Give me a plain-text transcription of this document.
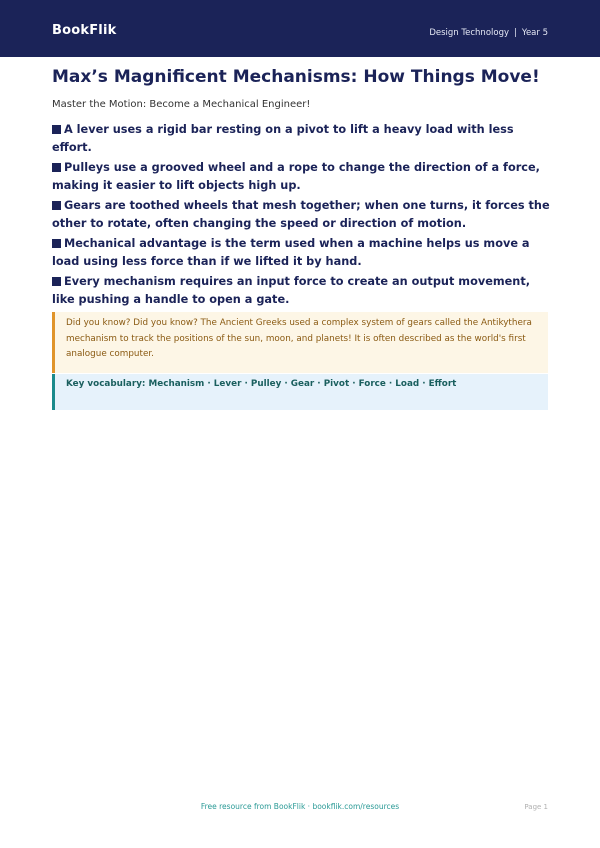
BookFlik	Design Technology | Year 5
Max’s Magnificent Mechanisms: How Things Move!
Master the Motion: Become a Mechanical Engineer!
A lever uses a rigid bar resting on a pivot to lift a heavy load with less effort.
Pulleys use a grooved wheel and a rope to change the direction of a force, making it easier to lift objects high up.
Gears are toothed wheels that mesh together; when one turns, it forces the other to rotate, often changing the speed or direction of motion.
Mechanical advantage is the term used when a machine helps us move a load using less force than if we lifted it by hand.
Every mechanism requires an input force to create an output movement, like pushing a handle to open a gate.
Did you know? Did you know? The Ancient Greeks used a complex system of gears called the Antikythera mechanism to track the positions of the sun, moon, and planets! It is often described as the world's first analogue computer.
Key vocabulary: Mechanism · Lever · Pulley · Gear · Pivot · Force · Load · Effort
Free resource from BookFlik · bookflik.com/resources	Page 1
